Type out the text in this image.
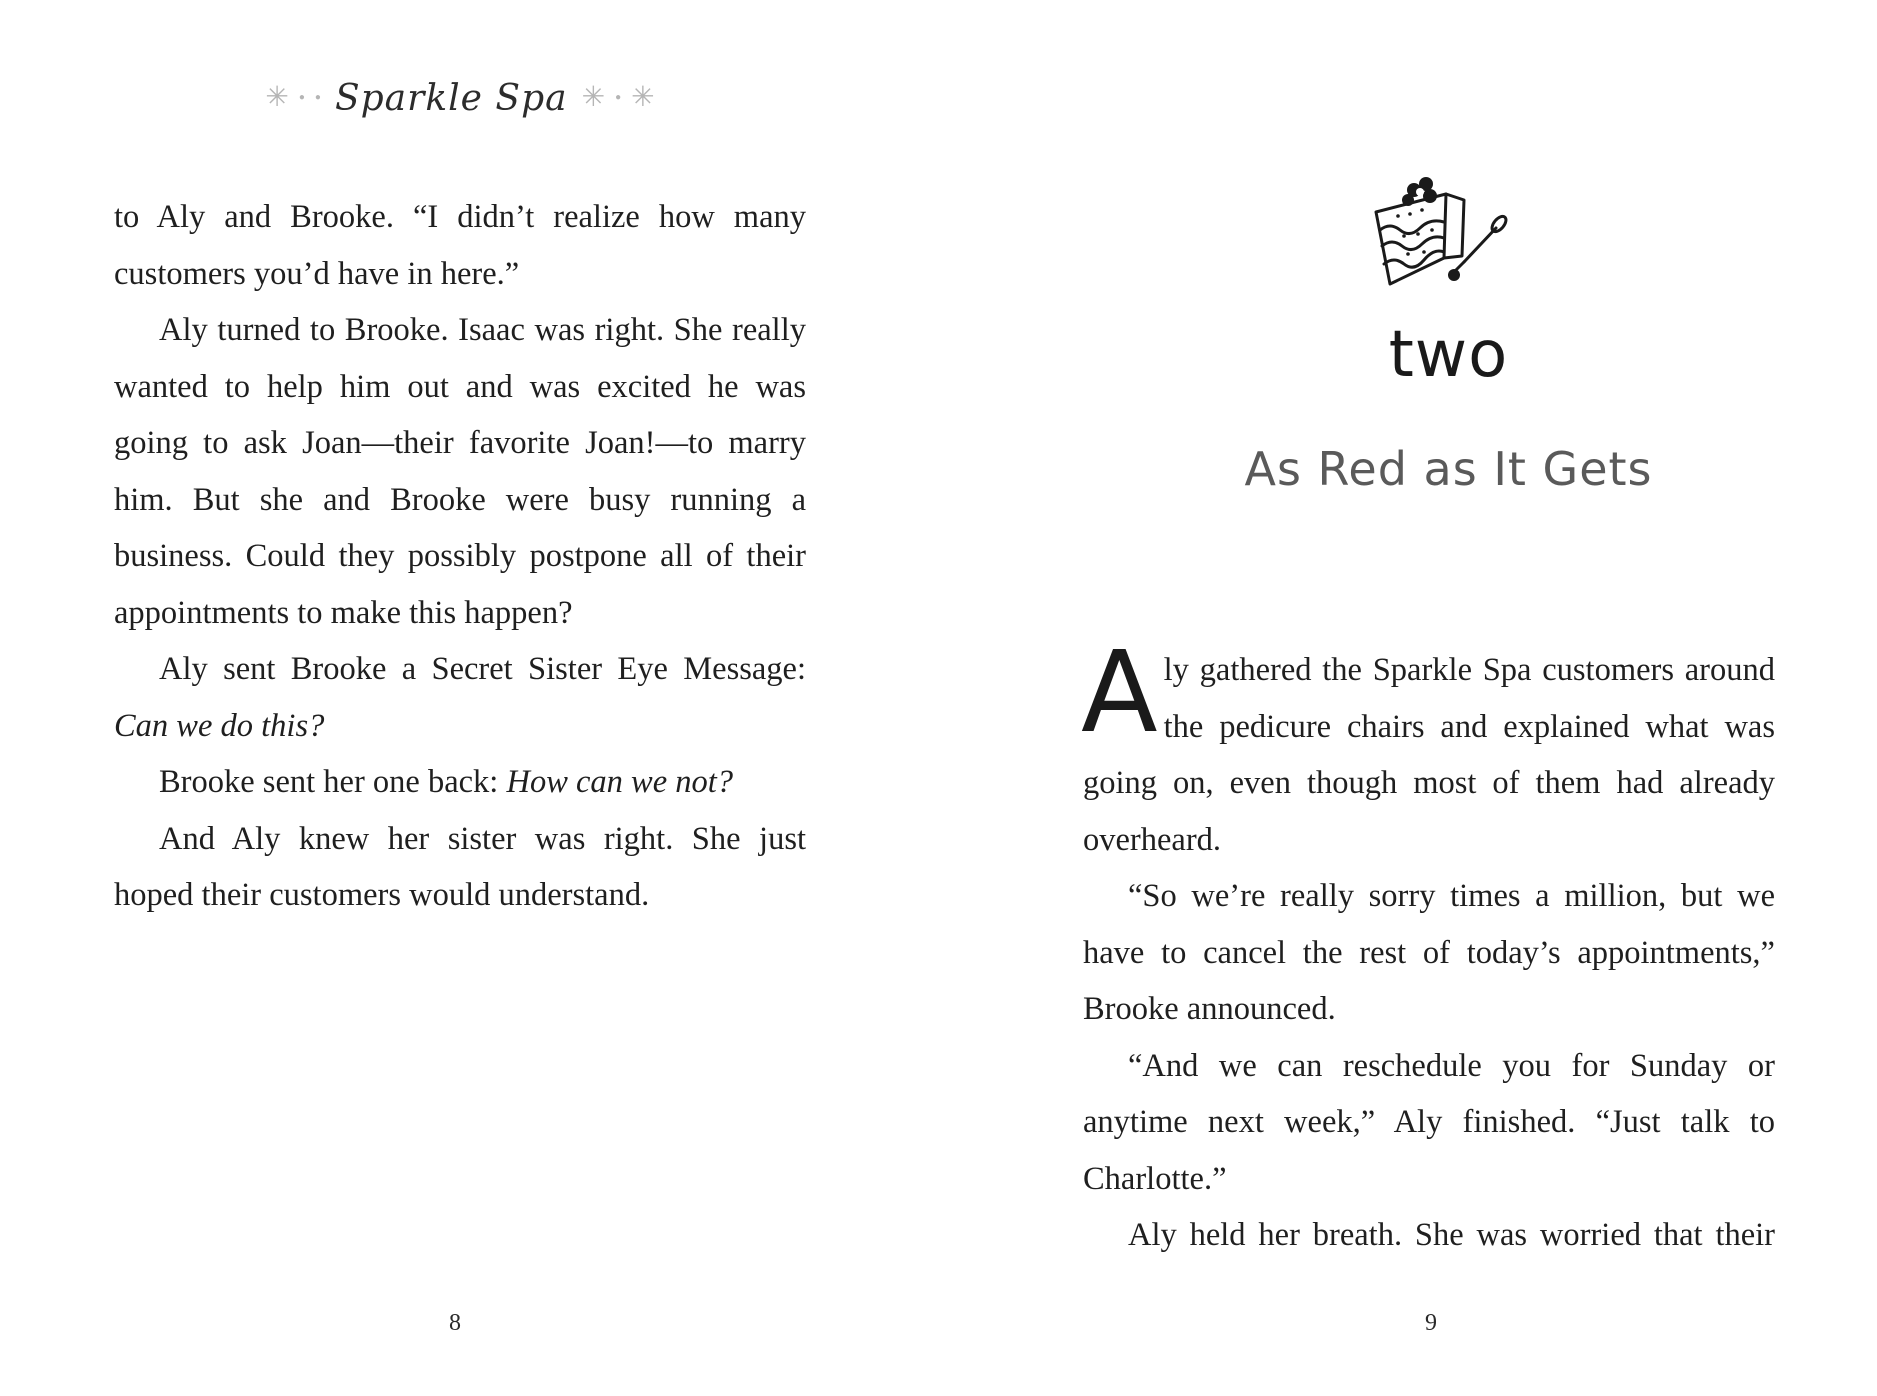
✳ ● ● Sparkle Spa ✳ ● ✳

to Aly and Brooke. “I didn’t realize how many customers you’d have in here.”

Aly turned to Brooke. Isaac was right. She really wanted to help him out and was excited he was going to ask Joan—their favorite Joan!—to marry him. But she and Brooke were busy running a business. Could they possibly postpone all of their appointments to make this happen?

Aly sent Brooke a Secret Sister Eye Message: Can we do this?

Brooke sent her one back: How can we not?

And Aly knew her sister was right. She just hoped their customers would understand.

8
two
As Red as It Gets

Aly gathered the Sparkle Spa customers around the pedicure chairs and explained what was going on, even though most of them had already overheard.

“So we’re really sorry times a million, but we have to cancel the rest of today’s appointments,” Brooke announced.

“And we can reschedule you for Sunday or anytime next week,” Aly finished. “Just talk to Charlotte.”

Aly held her breath. She was worried that their

9
